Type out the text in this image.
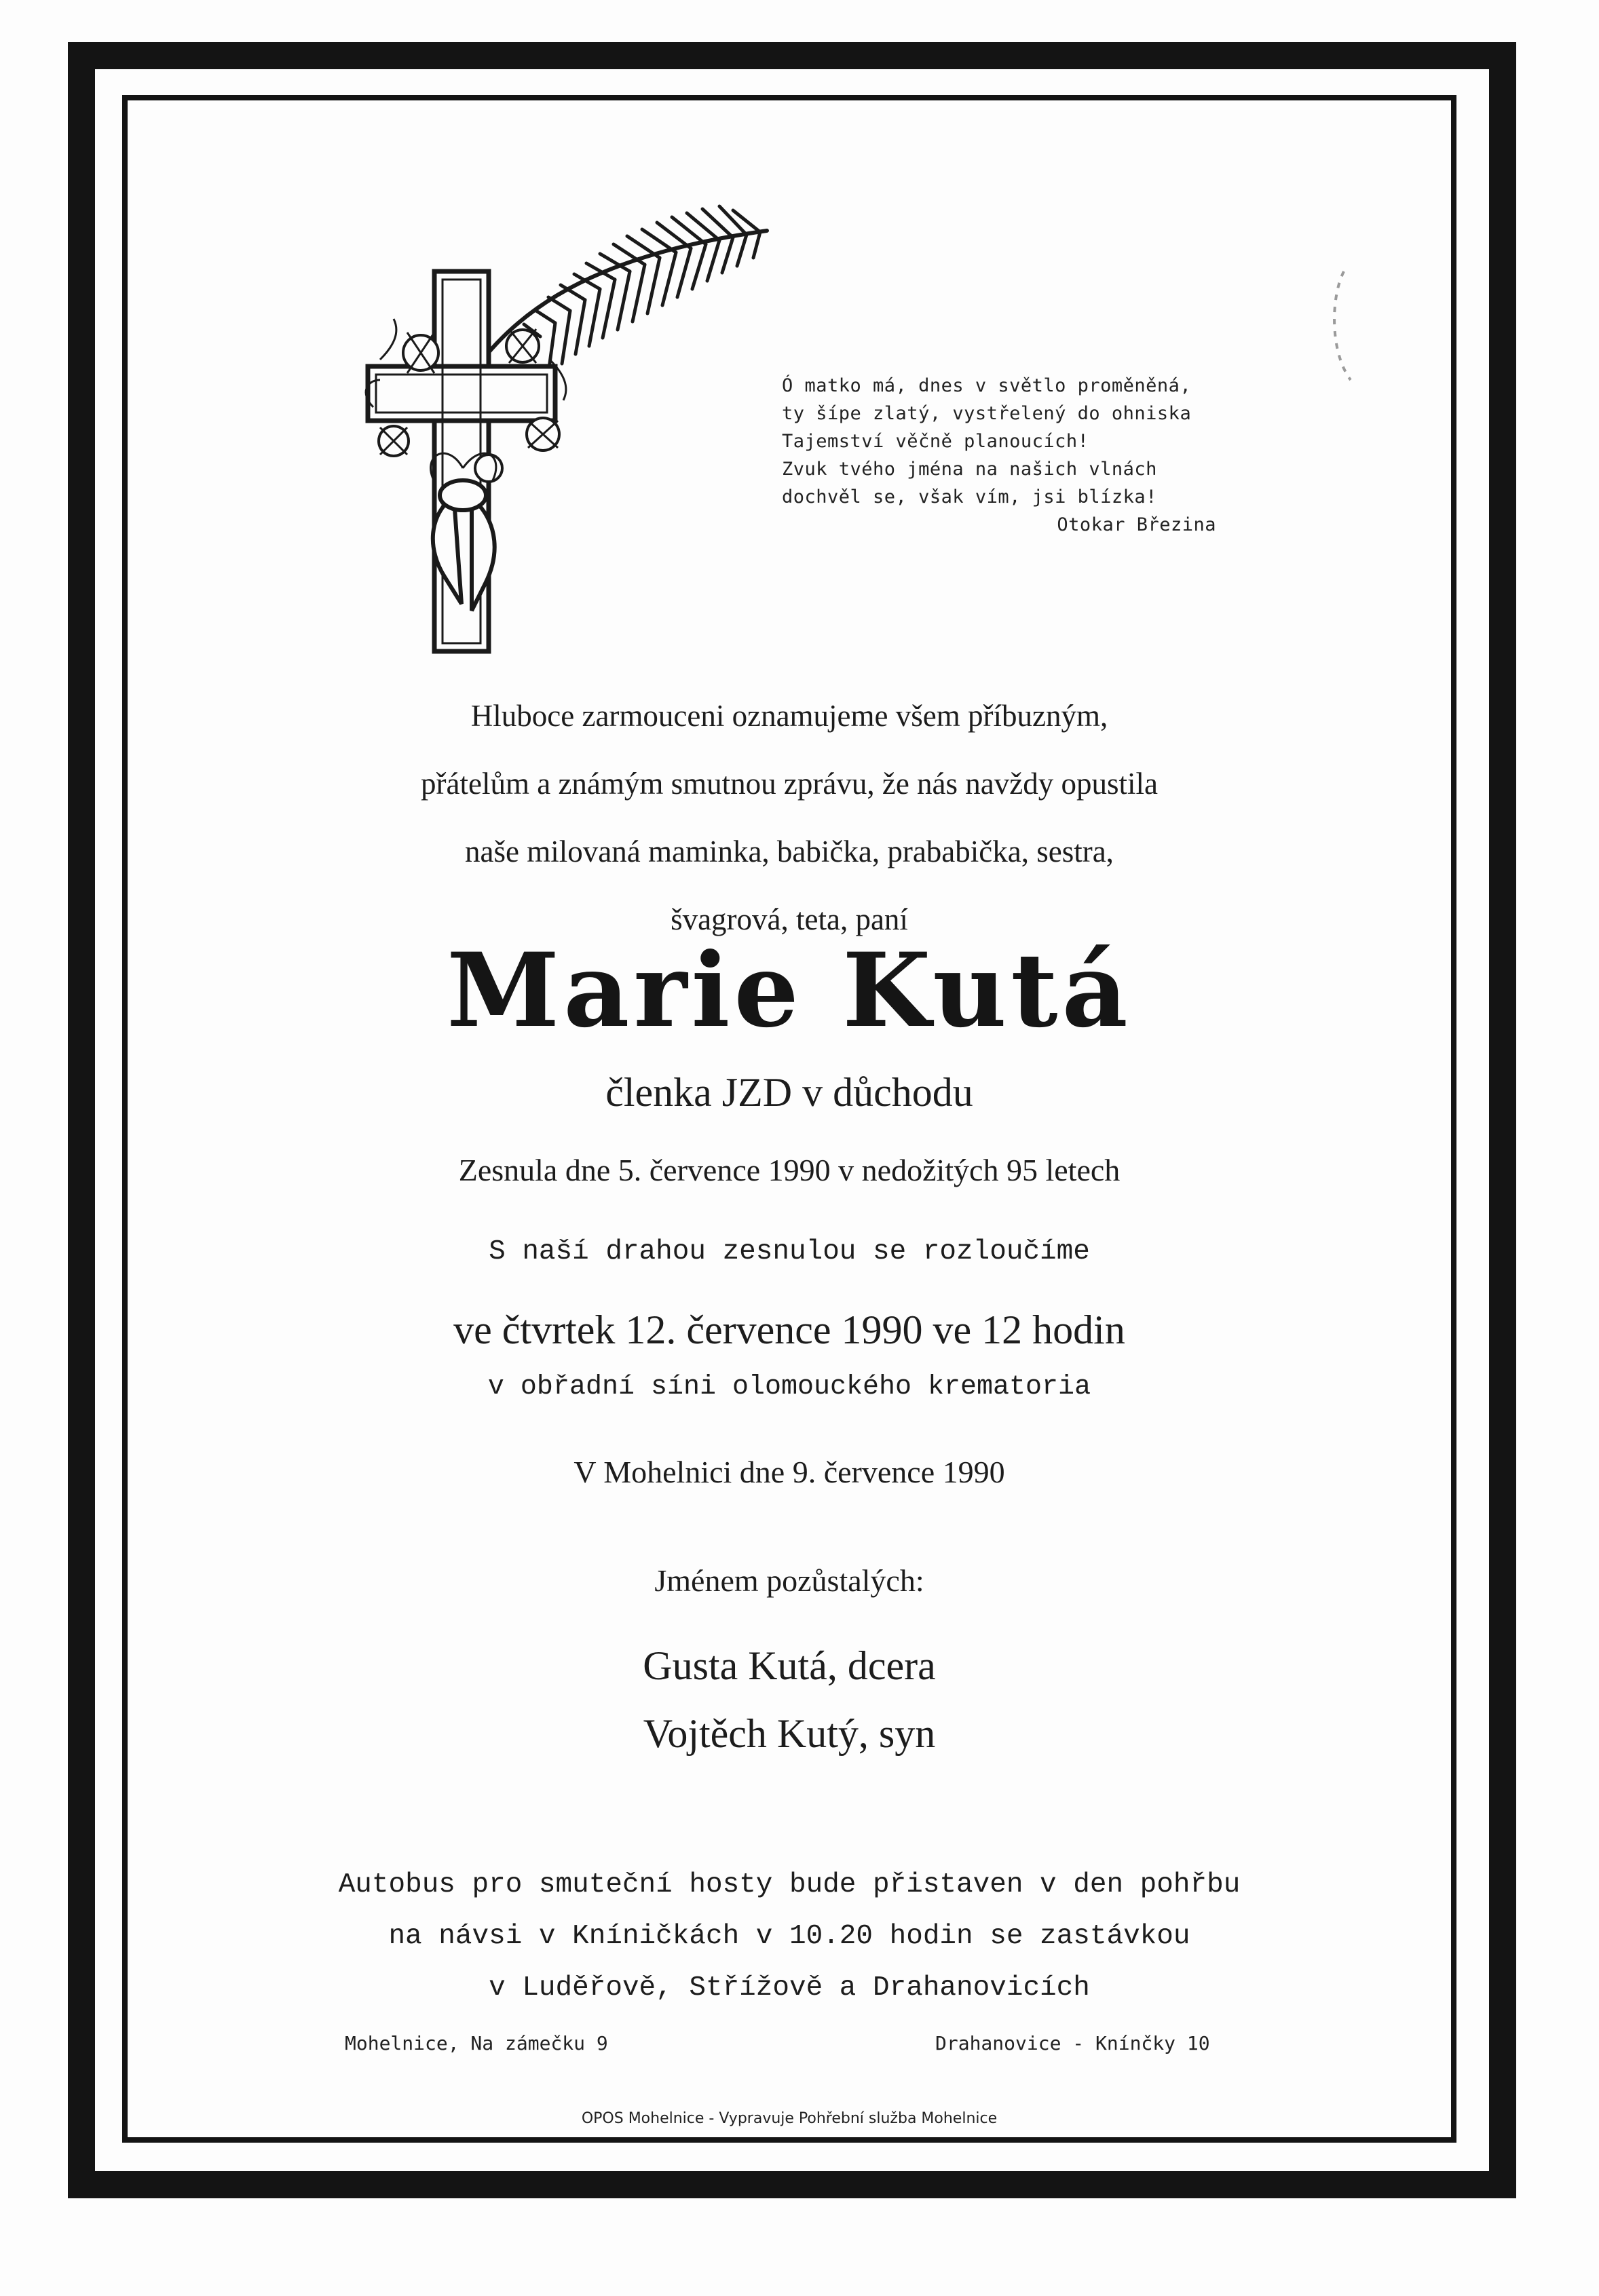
Ó matko má, dnes v světlo proměněná,
ty šípe zlatý, vystřelený do ohniska
Tajemství věčně planoucích!
Zvuk tvého jména na našich vlnách
dochvěl se, však vím, jsi blízka!
Otokar Březina
Hluboce zarmouceni oznamujeme všem příbuzným,
přátelům a známým smutnou zprávu, že nás navždy opustila
naše milovaná maminka, babička, prababička, sestra,
švagrová, teta, paní
Marie Kutá
členka JZD v důchodu
Zesnula dne 5. července 1990 v nedožitých 95 letech
S naší drahou zesnulou se rozloučíme
ve čtvrtek 12. července 1990 ve 12 hodin
v obřadní síni olomouckého krematoria
V Mohelnici dne 9. července 1990
Jménem pozůstalých:
Gusta Kutá, dcera
Vojtěch Kutý, syn
Autobus pro smuteční hosty bude přistaven v den pohřbu
na návsi v Kníničkách v 10.20 hodin se zastávkou
v Luděřově, Střížově a Drahanovicích
Mohelnice, Na zámečku 9	Drahanovice - Knínčky 10
OPOS Mohelnice - Vypravuje Pohřební služba Mohelnice
